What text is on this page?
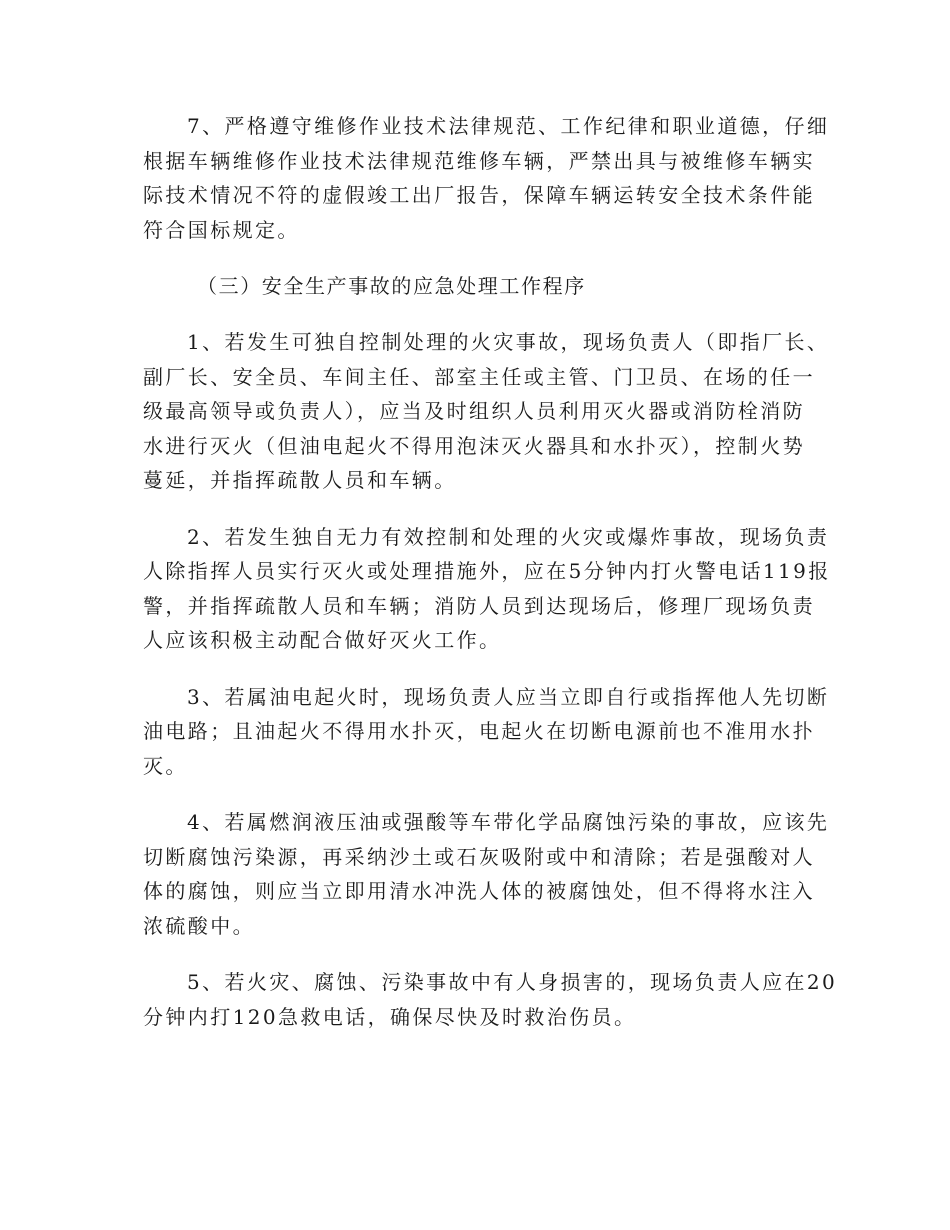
7、严格遵守维修作业技术法律规范、工作纪律和职业道德，仔细
根据车辆维修作业技术法律规范维修车辆，严禁出具与被维修车辆实
际技术情况不符的虚假竣工出厂报告，保障车辆运转安全技术条件能
符合国标规定。
（三）安全生产事故的应急处理工作程序
1、若发生可独自控制处理的火灾事故，现场负责人（即指厂长、
副厂长、安全员、车间主任、部室主任或主管、门卫员、在场的任一
级最高领导或负责人），应当及时组织人员利用灭火器或消防栓消防
水进行灭火（但油电起火不得用泡沫灭火器具和水扑灭），控制火势
蔓延，并指挥疏散人员和车辆。
2、若发生独自无力有效控制和处理的火灾或爆炸事故，现场负责
人除指挥人员实行灭火或处理措施外，应在5分钟内打火警电话119报
警，并指挥疏散人员和车辆；消防人员到达现场后，修理厂现场负责
人应该积极主动配合做好灭火工作。
3、若属油电起火时，现场负责人应当立即自行或指挥他人先切断
油电路；且油起火不得用水扑灭，电起火在切断电源前也不准用水扑
灭。
4、若属燃润液压油或强酸等车带化学品腐蚀污染的事故，应该先
切断腐蚀污染源，再采纳沙土或石灰吸附或中和清除；若是强酸对人
体的腐蚀，则应当立即用清水冲洗人体的被腐蚀处，但不得将水注入
浓硫酸中。
5、若火灾、腐蚀、污染事故中有人身损害的，现场负责人应在20
分钟内打120急救电话，确保尽快及时救治伤员。
